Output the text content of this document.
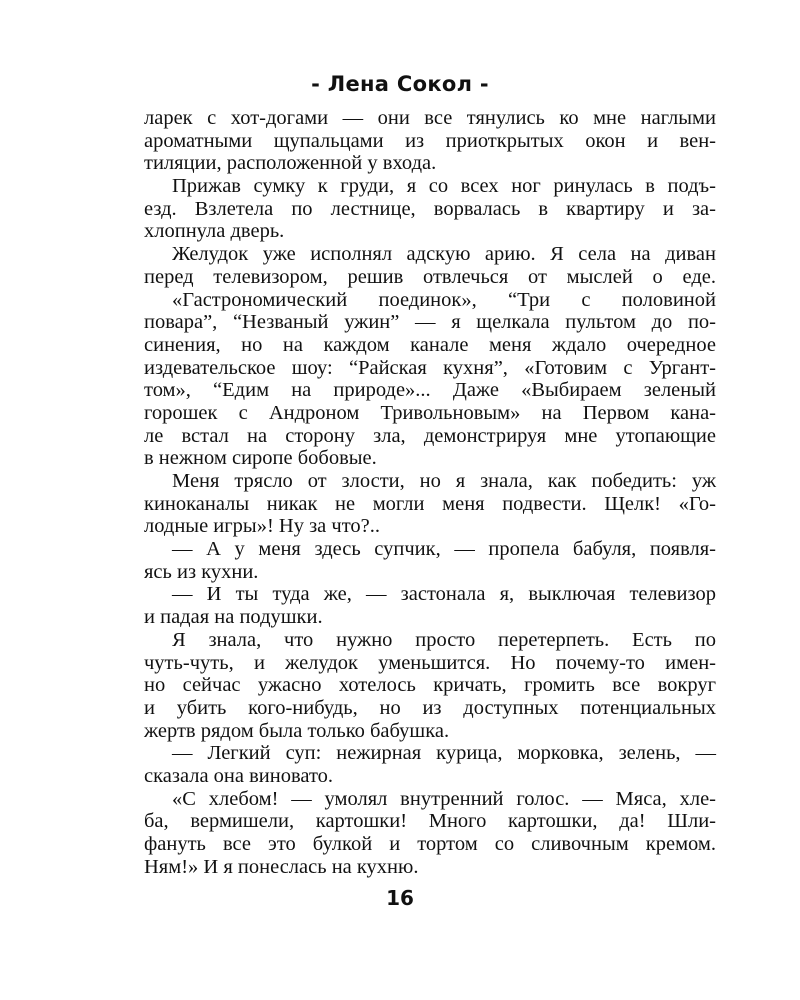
- Лена Сокол -
ларек с хот-догами — они все тянулись ко мне наглыми
ароматными щупальцами из приоткрытых окон и вен-
тиляции, расположенной у входа.
Прижав сумку к груди, я со всех ног ринулась в подъ-
езд. Взлетела по лестнице, ворвалась в квартиру и за-
хлопнула дверь.
Желудок уже исполнял адскую арию. Я села на диван
перед телевизором, решив отвлечься от мыслей о еде.
«Гастрономический поединок», “Три с половиной
повара”, “Незваный ужин” — я щелкала пультом до по-
синения, но на каждом канале меня ждало очередное
издевательское шоу: “Райская кухня”, «Готовим с Ургант-
том», “Едим на природе»... Даже «Выбираем зеленый
горошек с Андроном Тривольновым» на Первом кана-
ле встал на сторону зла, демонстрируя мне утопающие
в нежном сиропе бобовые.
Меня трясло от злости, но я знала, как победить: уж
киноканалы никак не могли меня подвести. Щелк! «Го-
лодные игры»! Ну за что?..
— А у меня здесь супчик, — пропела бабуля, появля-
ясь из кухни.
— И ты туда же, — застонала я, выключая телевизор
и падая на подушки.
Я знала, что нужно просто перетерпеть. Есть по
чуть-чуть, и желудок уменьшится. Но почему-то имен-
но сейчас ужасно хотелось кричать, громить все вокруг
и убить кого-нибудь, но из доступных потенциальных
жертв рядом была только бабушка.
— Легкий суп: нежирная курица, морковка, зелень, —
сказала она виновато.
«С хлебом! — умолял внутренний голос. — Мяса, хле-
ба, вермишели, картошки! Много картошки, да! Шли-
фануть все это булкой и тортом со сливочным кремом.
Ням!» И я понеслась на кухню.
16
